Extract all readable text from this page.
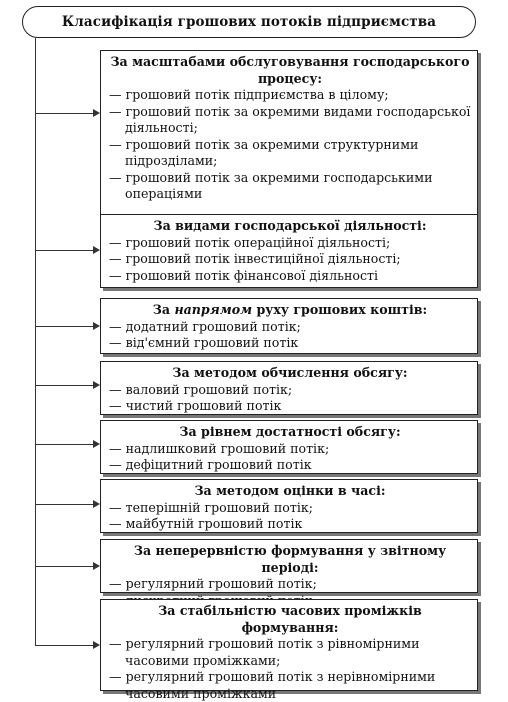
Класифікація грошових потоків підприємства
За масштабами обслуговування господарського процесу:
— грошовий потік підприємства в цілому;
— грошовий потік за окремими видами господарської діяльності;
— грошовий потік за окремими структурними підрозділами;
— грошовий потік за окремими господарськими операціями
За видами господарської діяльності:
— грошовий потік операційної діяльності;
— грошовий потік інвестиційної діяльності;
— грошовий потік фінансової діяльності
За напрямом руху грошових коштів:
— додатний грошовий потік;
— від'ємний грошовий потік
За методом обчислення обсягу:
— валовий грошовий потік;
— чистий грошовий потік
За рівнем достатності обсягу:
— надлишковий грошовий потік;
— дефіцитний грошовий потік
За методом оцінки в часі:
— теперішній грошовий потік;
— майбутній грошовий потік
За неперервністю формування у звітному періоді:
— регулярний грошовий потік;
—
За стабільністю часових проміжків формування:
— регулярний грошовий потік з рівномірними часовими проміжками;
— регулярний грошовий потік з нерівномірними часовими проміжками
